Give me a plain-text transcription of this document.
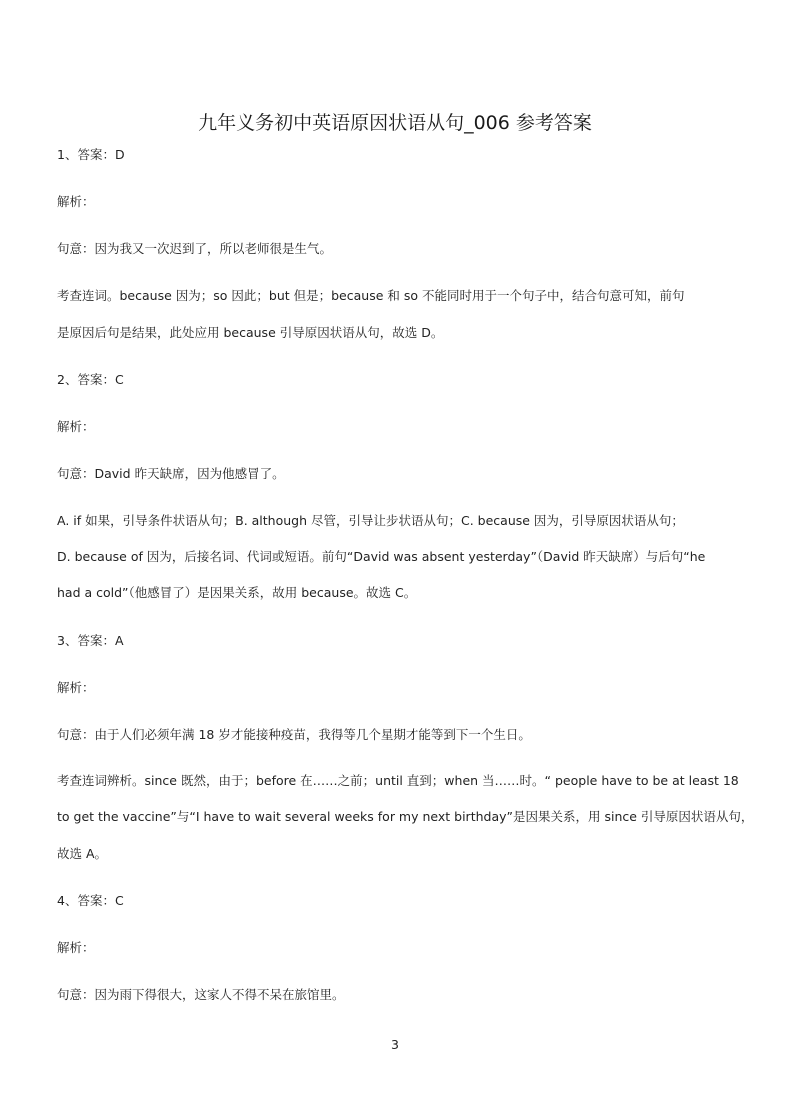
九年义务初中英语原因状语从句_006 参考答案
1、答案：D
解析：
句意：因为我又一次迟到了，所以老师很是生气。
考查连词。because 因为；so 因此；but 但是；because 和 so 不能同时用于一个句子中，结合句意可知，前句
是原因后句是结果，此处应用 because 引导原因状语从句，故选 D。
2、答案：C
解析：
句意：David 昨天缺席，因为他感冒了。
A. if 如果，引导条件状语从句；B. although 尽管，引导让步状语从句；C. because 因为，引导原因状语从句；
D. because of 因为，后接名词、代词或短语。前句“David was absent yesterday”（David 昨天缺席）与后句“he
had a cold”（他感冒了）是因果关系，故用 because。故选 C。
3、答案：A
解析：
句意：由于人们必须年满 18 岁才能接种疫苗，我得等几个星期才能等到下一个生日。
考查连词辨析。since 既然，由于；before 在……之前；until 直到；when 当……时。“ people have to be at least 18
to get the vaccine”与“I have to wait several weeks for my next birthday”是因果关系，用 since 引导原因状语从句，
故选 A。
4、答案：C
解析：
句意：因为雨下得很大，这家人不得不呆在旅馆里。
3
